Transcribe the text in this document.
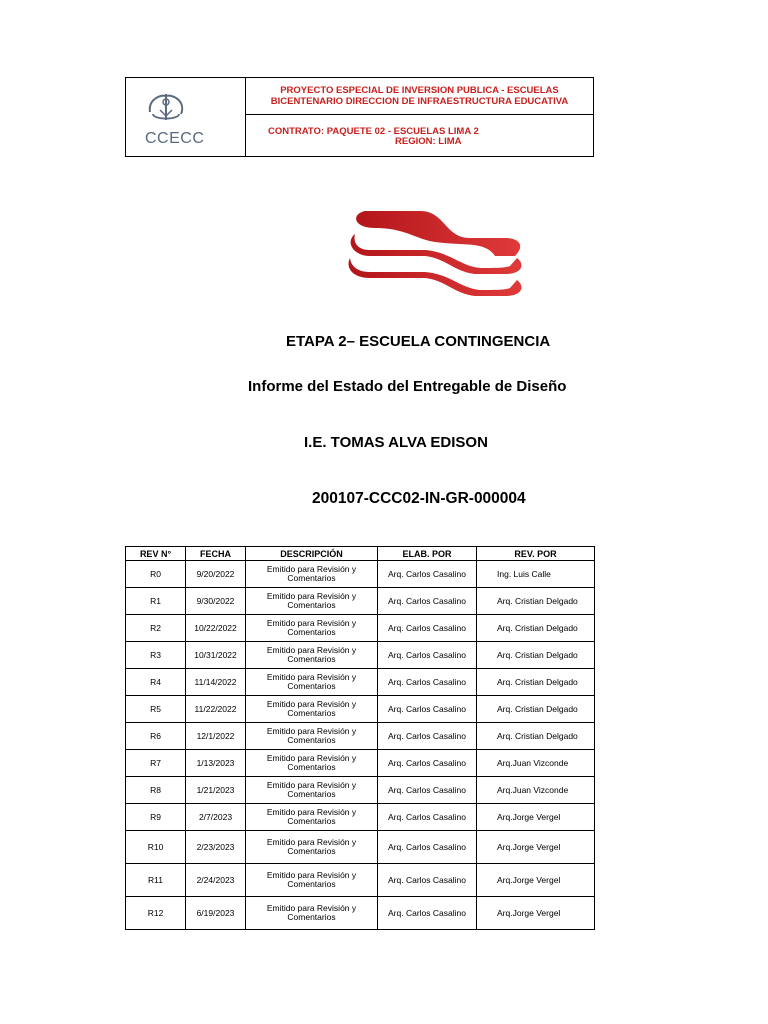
CCECC
PROYECTO ESPECIAL DE INVERSION PUBLICA - ESCUELAS BICENTENARIO DIRECCION DE INFRAESTRUCTURA EDUCATIVA
CONTRATO: PAQUETE 02 - ESCUELAS LIMA 2
REGION: LIMA
ETAPA 2– ESCUELA CONTINGENCIA
Informe del Estado del Entregable de Diseño
I.E. TOMAS ALVA EDISON
200107-CCC02-IN-GR-000004
REV N°	FECHA	DESCRIPCIÓN	ELAB. POR	REV. POR
R0	9/20/2022	Emitido para Revisión y Comentarios	Arq. Carlos Casalino	Ing. Luis Calle
R1	9/30/2022	Emitido para Revisión y Comentarios	Arq. Carlos Casalino	Arq. Cristian Delgado
R2	10/22/2022	Emitido para Revisión y Comentarios	Arq. Carlos Casalino	Arq. Cristian Delgado
R3	10/31/2022	Emitido para Revisión y Comentarios	Arq. Carlos Casalino	Arq. Cristian Delgado
R4	11/14/2022	Emitido para Revisión y Comentarios	Arq. Carlos Casalino	Arq. Cristian Delgado
R5	11/22/2022	Emitido para Revisión y Comentarios	Arq. Carlos Casalino	Arq. Cristian Delgado
R6	12/1/2022	Emitido para Revisión y Comentarios	Arq. Carlos Casalino	Arq. Cristian Delgado
R7	1/13/2023	Emitido para Revisión y Comentarios	Arq. Carlos Casalino	Arq.Juan Vizconde
R8	1/21/2023	Emitido para Revisión y Comentarios	Arq. Carlos Casalino	Arq.Juan Vizconde
R9	2/7/2023	Emitido para Revisión y Comentarios	Arq. Carlos Casalino	Arq.Jorge Vergel
R10	2/23/2023	Emitido para Revisión y Comentarios	Arq. Carlos Casalino	Arq.Jorge Vergel
R11	2/24/2023	Emitido para Revisión y Comentarios	Arq. Carlos Casalino	Arq.Jorge Vergel
R12	6/19/2023	Emitido para Revisión y Comentarios	Arq. Carlos Casalino	Arq.Jorge Vergel
